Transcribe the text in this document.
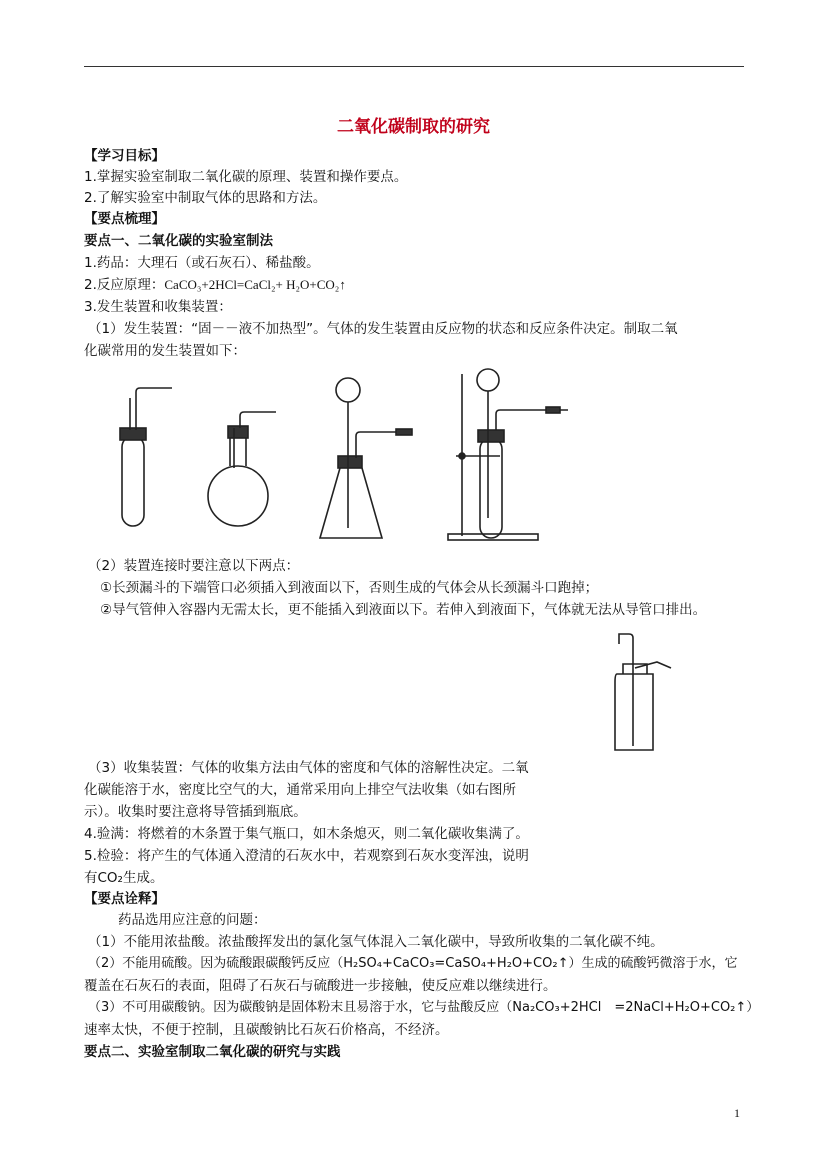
二氧化碳制取的研究
【学习目标】
1.掌握实验室制取二氧化碳的原理、装置和操作要点。
2.了解实验室中制取气体的思路和方法。
【要点梳理】
要点一、二氧化碳的实验室制法
1.药品：大理石（或石灰石）、稀盐酸。
2.反应原理：CaCO₃+2HCl=CaCl₂+ H₂O+CO₂↑
3.发生装置和收集装置：
（1）发生装置：“固－－液不加热型”。气体的发生装置由反应物的状态和反应条件决定。制取二氧
化碳常用的发生装置如下：
（2）装置连接时要注意以下两点：
①长颈漏斗的下端管口必须插入到液面以下，否则生成的气体会从长颈漏斗口跑掉；
②导气管伸入容器内无需太长，更不能插入到液面以下。若伸入到液面下，气体就无法从导管口排出。
（3）收集装置：气体的收集方法由气体的密度和气体的溶解性决定。二氧
化碳能溶于水，密度比空气的大，通常采用向上排空气法收集（如右图所
示）。收集时要注意将导管插到瓶底。
4.验满：将燃着的木条置于集气瓶口，如木条熄灭，则二氧化碳收集满了。
5.检验：将产生的气体通入澄清的石灰水中，若观察到石灰水变浑浊，说明
有CO₂生成。
【要点诠释】
药品选用应注意的问题：
（1）不能用浓盐酸。浓盐酸挥发出的氯化氢气体混入二氧化碳中，导致所收集的二氧化碳不纯。
（2）不能用硫酸。因为硫酸跟碳酸钙反应（H₂SO₄+CaCO₃=CaSO₄+H₂O+CO₂↑）生成的硫酸钙微溶于水，它
覆盖在石灰石的表面，阻碍了石灰石与硫酸进一步接触，使反应难以继续进行。
（3）不可用碳酸钠。因为碳酸钠是固体粉末且易溶于水，它与盐酸反应（Na₂CO₃+2HCl　=2NaCl+H₂O+CO₂↑）
速率太快，不便于控制，且碳酸钠比石灰石价格高，不经济。
要点二、实验室制取二氧化碳的研究与实践
1
